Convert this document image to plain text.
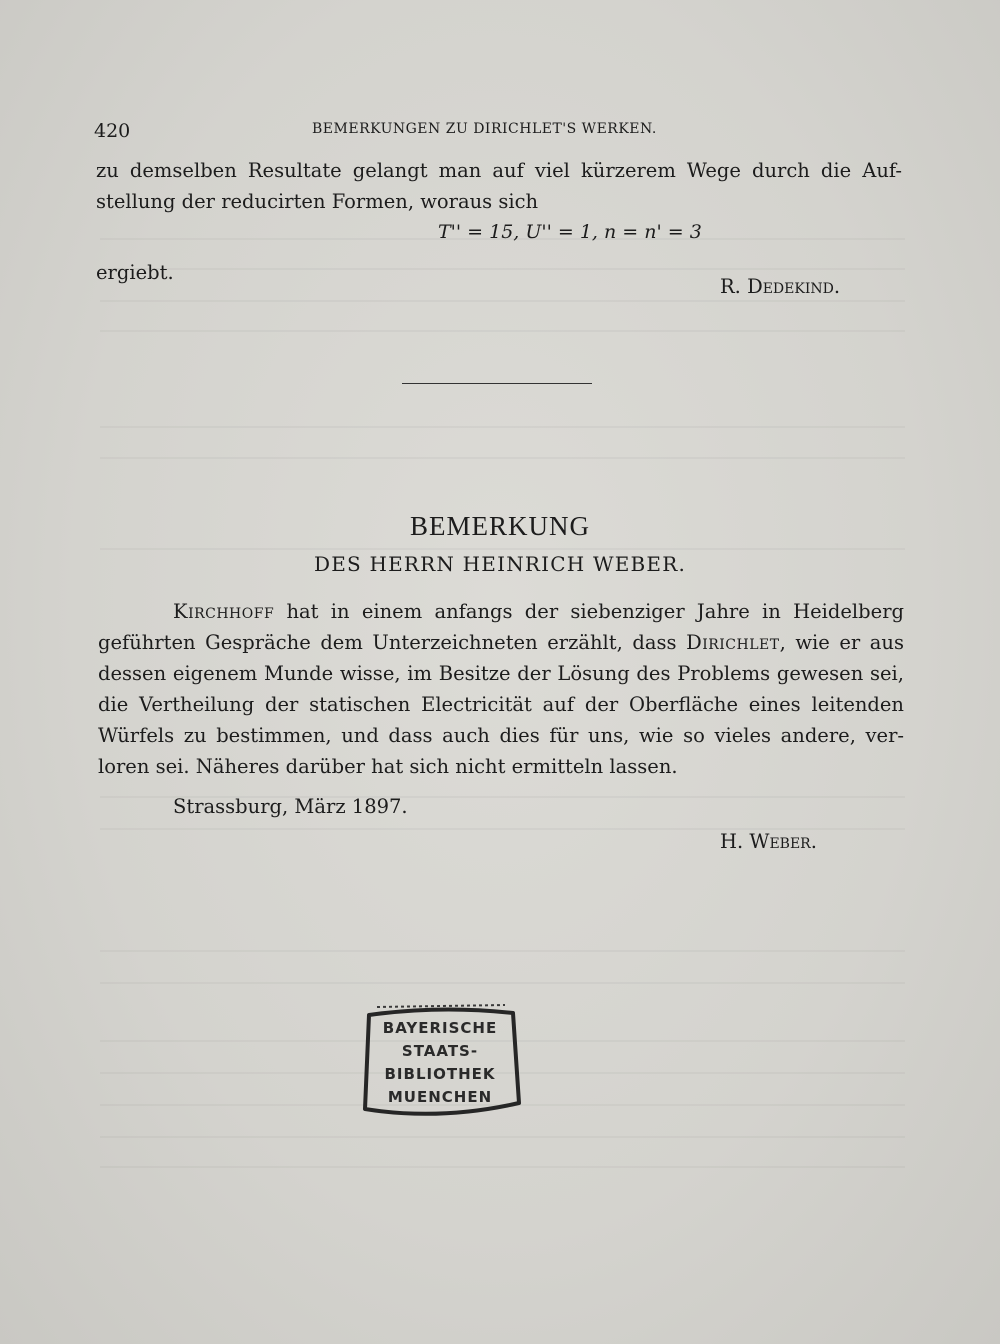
420	BEMERKUNGEN ZU DIRICHLET'S WERKEN.
zu demselben Resultate gelangt man auf viel kürzerem Wege durch die Auf-
stellung der reducirten Formen, woraus sich
T'' = 15, U'' = 1, n = n' = 3
ergiebt.
R. Dedekind.
BEMERKUNG
DES HERRN HEINRICH WEBER.
Kirchhoff hat in einem anfangs der siebenziger Jahre in Heidelberg
geführten Gespräche dem Unterzeichneten erzählt, dass Dirichlet, wie er aus
dessen eigenem Munde wisse, im Besitze der Lösung des Problems gewesen sei,
die Vertheilung der statischen Electricität auf der Oberfläche eines leitenden
Würfels zu bestimmen, und dass auch dies für uns, wie so vieles andere, ver-
loren sei. Näheres darüber hat sich nicht ermitteln lassen.
Strassburg, März 1897.
H. Weber.
BAYERISCHE
STAATS-
BIBLIOTHEK
MUENCHEN
